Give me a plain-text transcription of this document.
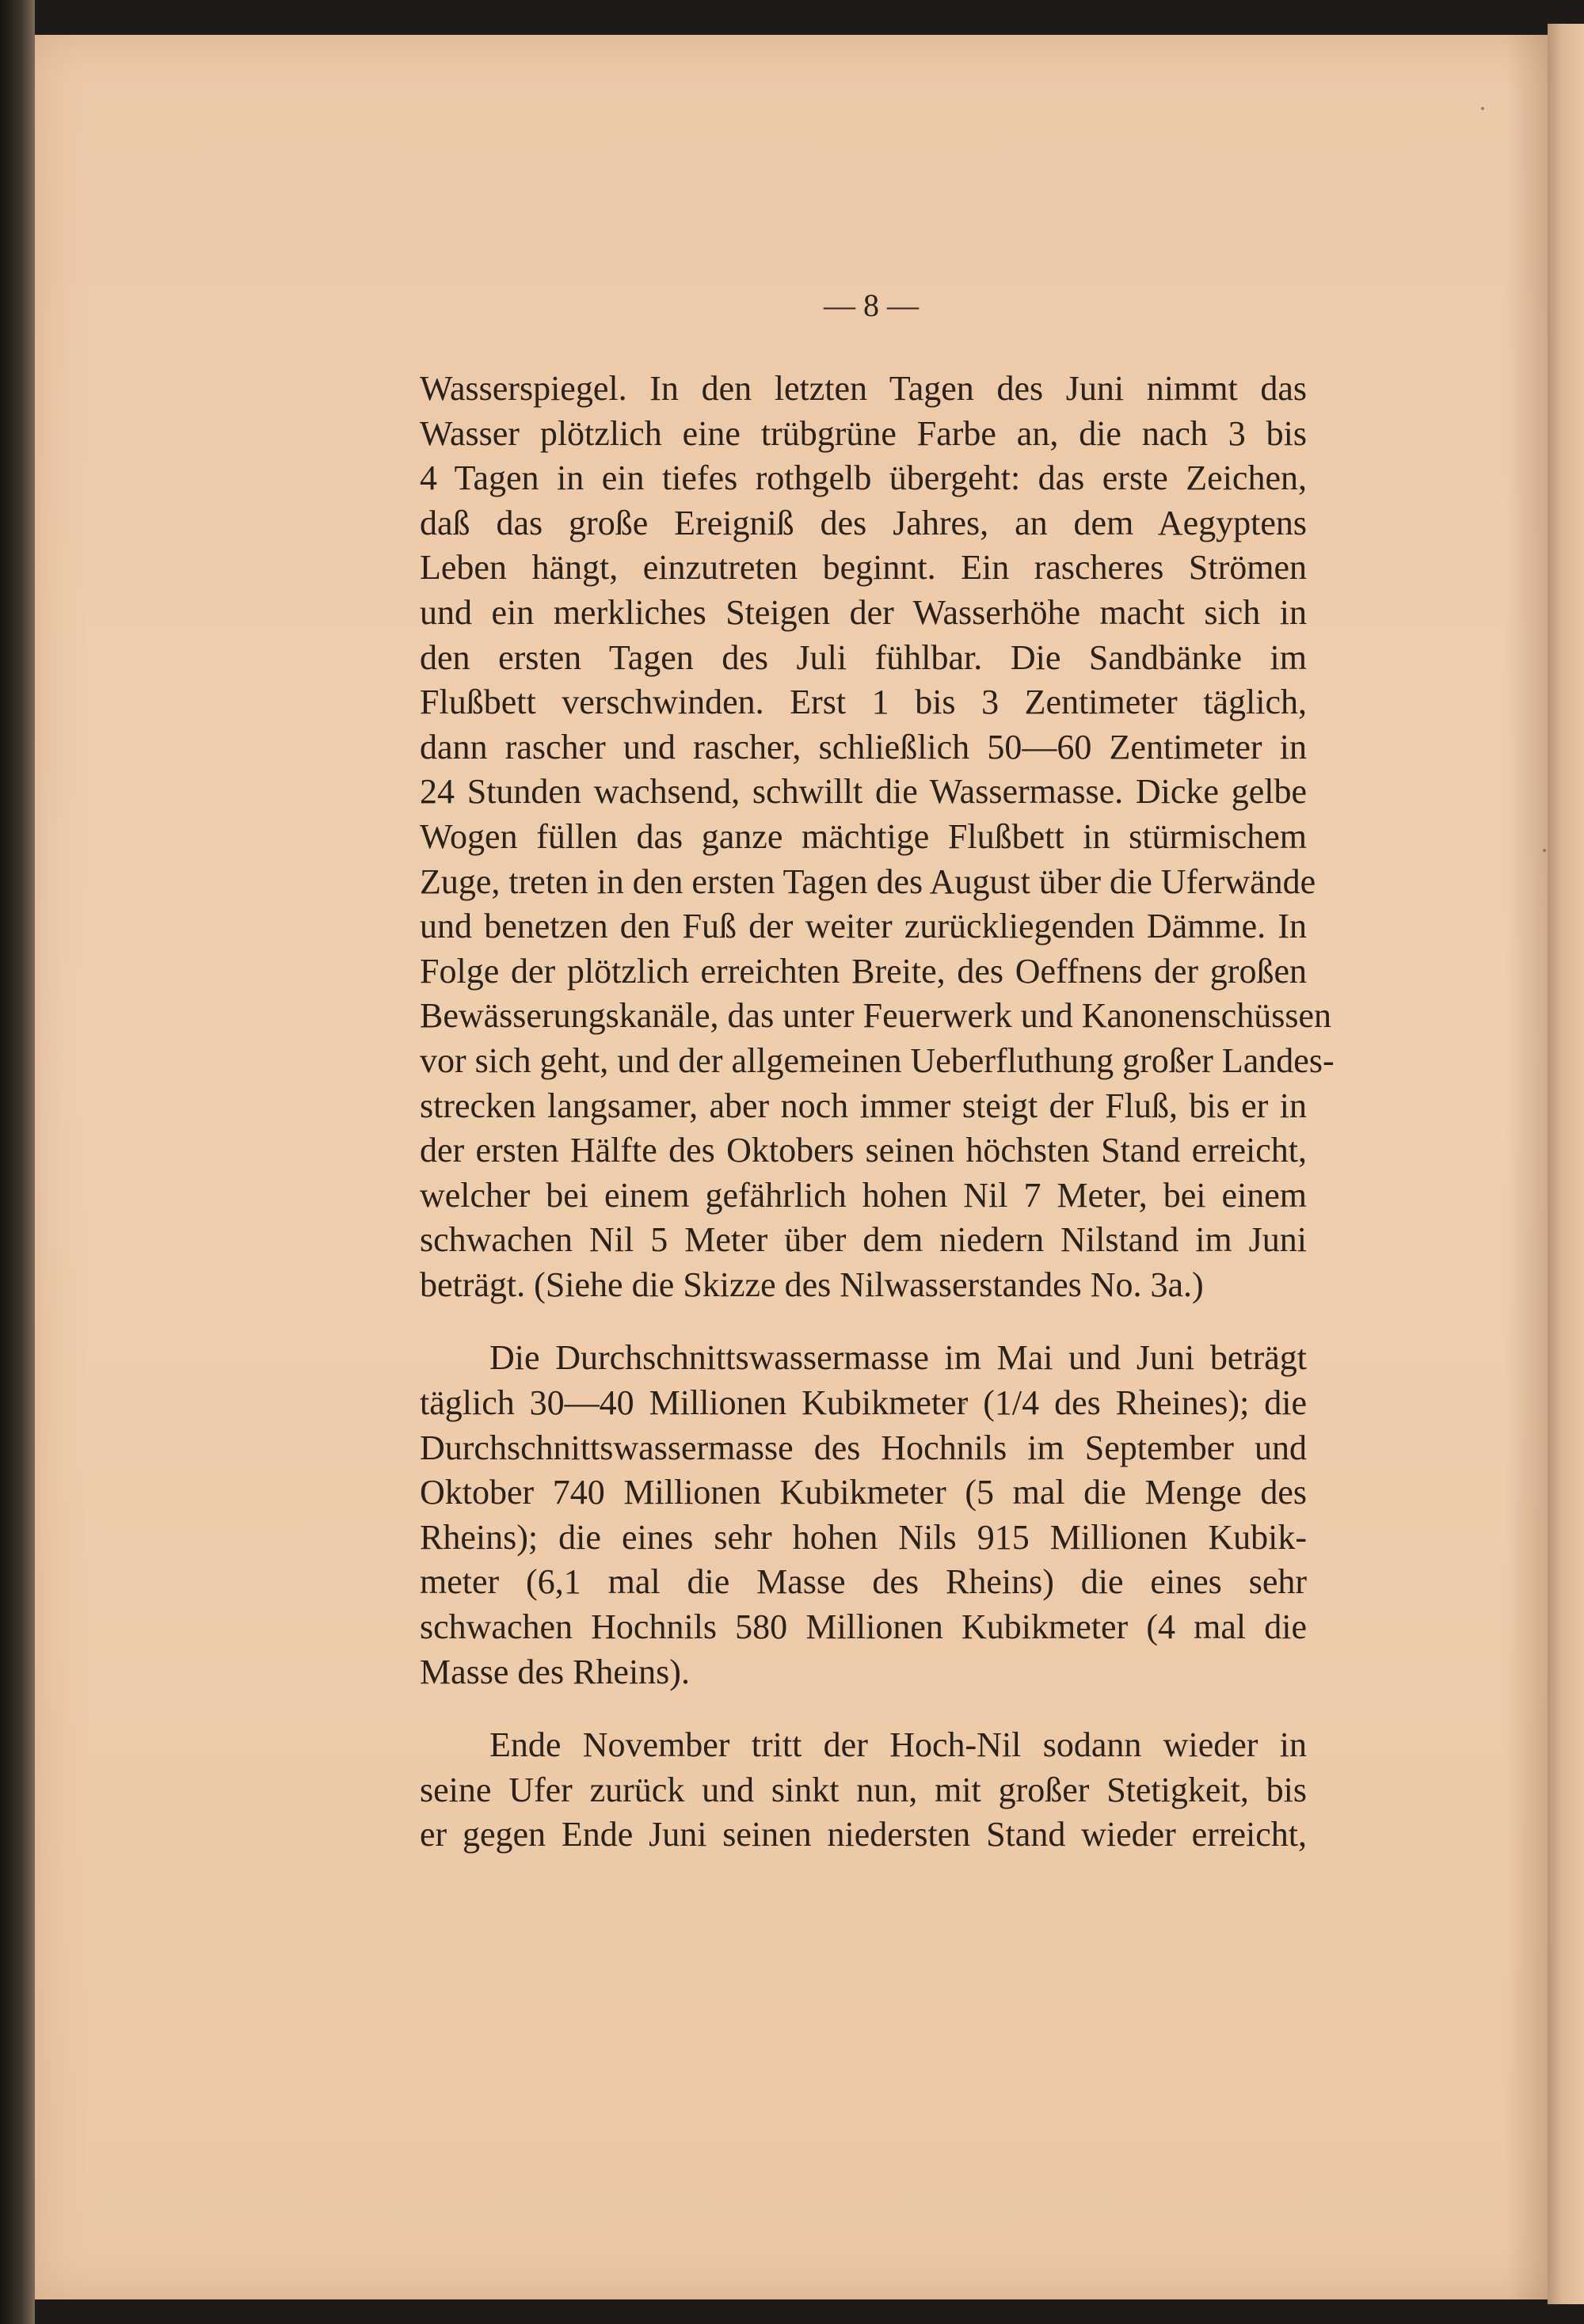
— 8 —

Wasserspiegel. In den letzten Tagen des Juni nimmt das
Wasser plötzlich eine trübgrüne Farbe an, die nach 3 bis
4 Tagen in ein tiefes rothgelb übergeht: das erste Zeichen,
daß das große Ereigniß des Jahres, an dem Aegyptens
Leben hängt, einzutreten beginnt. Ein rascheres Strömen
und ein merkliches Steigen der Wasserhöhe macht sich in
den ersten Tagen des Juli fühlbar. Die Sandbänke im
Flußbett verschwinden. Erst 1 bis 3 Zentimeter täglich,
dann rascher und rascher, schließlich 50—60 Zentimeter in
24 Stunden wachsend, schwillt die Wassermasse. Dicke gelbe
Wogen füllen das ganze mächtige Flußbett in stürmischem
Zuge, treten in den ersten Tagen des August über die Uferwände
und benetzen den Fuß der weiter zurückliegenden Dämme. In
Folge der plötzlich erreichten Breite, des Oeffnens der großen
Bewässerungskanäle, das unter Feuerwerk und Kanonenschüssen
vor sich geht, und der allgemeinen Ueberfluthung großer Landes-
strecken langsamer, aber noch immer steigt der Fluß, bis er in
der ersten Hälfte des Oktobers seinen höchsten Stand erreicht,
welcher bei einem gefährlich hohen Nil 7 Meter, bei einem
schwachen Nil 5 Meter über dem niedern Nilstand im Juni
beträgt. (Siehe die Skizze des Nilwasserstandes No. 3a.)

Die Durchschnittswassermasse im Mai und Juni beträgt
täglich 30—40 Millionen Kubikmeter (1/4 des Rheines); die
Durchschnittswassermasse des Hochnils im September und
Oktober 740 Millionen Kubikmeter (5 mal die Menge des
Rheins); die eines sehr hohen Nils 915 Millionen Kubik-
meter (6,1 mal die Masse des Rheins) die eines sehr
schwachen Hochnils 580 Millionen Kubikmeter (4 mal die
Masse des Rheins).

Ende November tritt der Hoch-Nil sodann wieder in
seine Ufer zurück und sinkt nun, mit großer Stetigkeit, bis
er gegen Ende Juni seinen niedersten Stand wieder erreicht,
